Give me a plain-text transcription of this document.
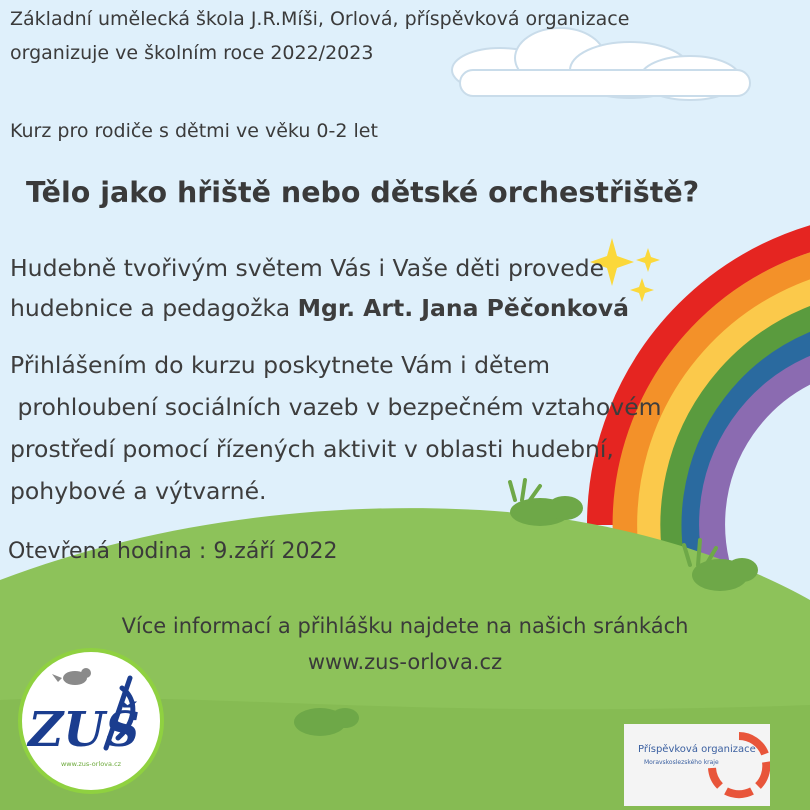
Základní umělecká škola J.R.Míši, Orlová, příspěvková organizace

organizuje ve školním roce 2022/2023

Kurz pro rodiče s dětmi ve věku 0-2 let

Tělo jako hřiště nebo dětské orchestřiště?

Hudebně tvořivým světem Vás i Vaše děti provede

hudebnice a pedagožka Mgr. Art. Jana Pěčonková

Přihlášením do kurzu poskytnete Vám i dětem

prohloubení sociálních vazeb v bezpečném vztahovém

prostředí pomocí řízených aktivit v oblasti hudební,

pohybové a výtvarné.

Otevřená hodina : 9.září 2022

Více informací a přihlášku najdete na našich sránkách

www.zus-orlova.cz

ZUŠ
www.zus-orlova.cz
Příspěvková organizace
Moravskoslezského kraje
